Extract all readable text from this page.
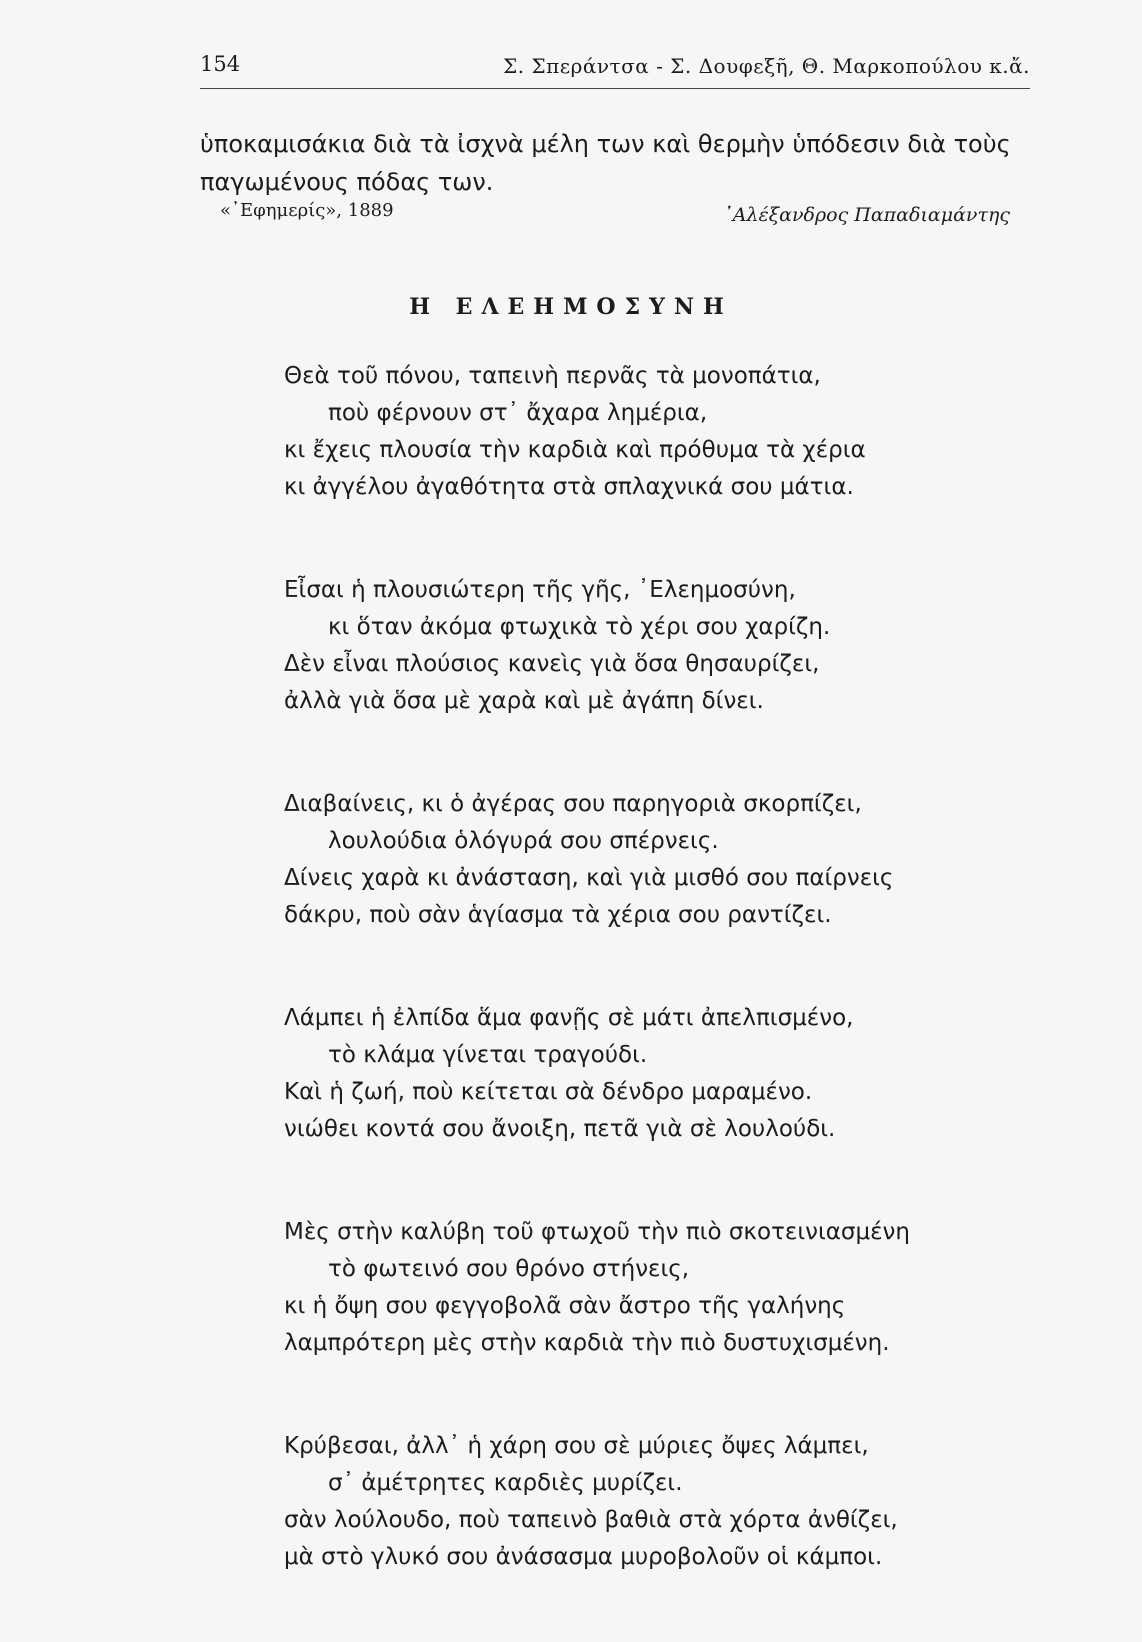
154	Σ. Σπεράντσα - Σ. Δουφεξῆ, Θ. Μαρκοπούλου κ.ἄ.
ὑποκαμισάκια διὰ τὰ ἰσχνὰ μέλη των καὶ θερμὴν ὑπόδεσιν διὰ τοὺς
παγωμένους πόδας των.
«᾿Εφημερίς», 1889	᾿Αλέξανδρος Παπαδιαμάντης
Η ΕΛΕΗΜΟΣΥΝΗ
Θεὰ τοῦ πόνου, ταπεινὴ περνᾶς τὰ μονοπάτια,
ποὺ φέρνουν στ᾿ ἄχαρα λημέρια,
κι ἔχεις πλουσία τὴν καρδιὰ καὶ πρόθυμα τὰ χέρια
κι ἀγγέλου ἀγαθότητα στὰ σπλαχνικά σου μάτια.
Εἶσαι ἡ πλουσιώτερη τῆς γῆς, ᾿Ελεημοσύνη,
κι ὅταν ἀκόμα φτωχικὰ τὸ χέρι σου χαρίζη.
Δὲν εἶναι πλούσιος κανεὶς γιὰ ὅσα θησαυρίζει,
ἀλλὰ γιὰ ὅσα μὲ χαρὰ καὶ μὲ ἀγάπη δίνει.
Διαβαίνεις, κι ὁ ἀγέρας σου παρηγοριὰ σκορπίζει,
λουλούδια ὁλόγυρά σου σπέρνεις.
Δίνεις χαρὰ κι ἀνάσταση, καὶ γιὰ μισθό σου παίρνεις
δάκρυ, ποὺ σὰν ἁγίασμα τὰ χέρια σου ραντίζει.
Λάμπει ἡ ἐλπίδα ἅμα φανῇς σὲ μάτι ἀπελπισμένο,
τὸ κλάμα γίνεται τραγούδι.
Καὶ ἡ ζωή, ποὺ κείτεται σὰ δένδρο μαραμένο.
νιώθει κοντά σου ἄνοιξη, πετᾶ γιὰ σὲ λουλούδι.
Μὲς στὴν καλύβη τοῦ φτωχοῦ τὴν πιὸ σκοτεινιασμένη
τὸ φωτεινό σου θρόνο στήνεις,
κι ἡ ὄψη σου φεγγοβολᾶ σὰν ἄστρο τῆς γαλήνης
λαμπρότερη μὲς στὴν καρδιὰ τὴν πιὸ δυστυχισμένη.
Κρύβεσαι, ἀλλ᾿ ἡ χάρη σου σὲ μύριες ὄψες λάμπει,
σ᾿ ἀμέτρητες καρδιὲς μυρίζει.
σὰν λούλουδο, ποὺ ταπεινὸ βαθιὰ στὰ χόρτα ἀνθίζει,
μὰ στὸ γλυκό σου ἀνάσασμα μυροβολοῦν οἱ κάμποι.
